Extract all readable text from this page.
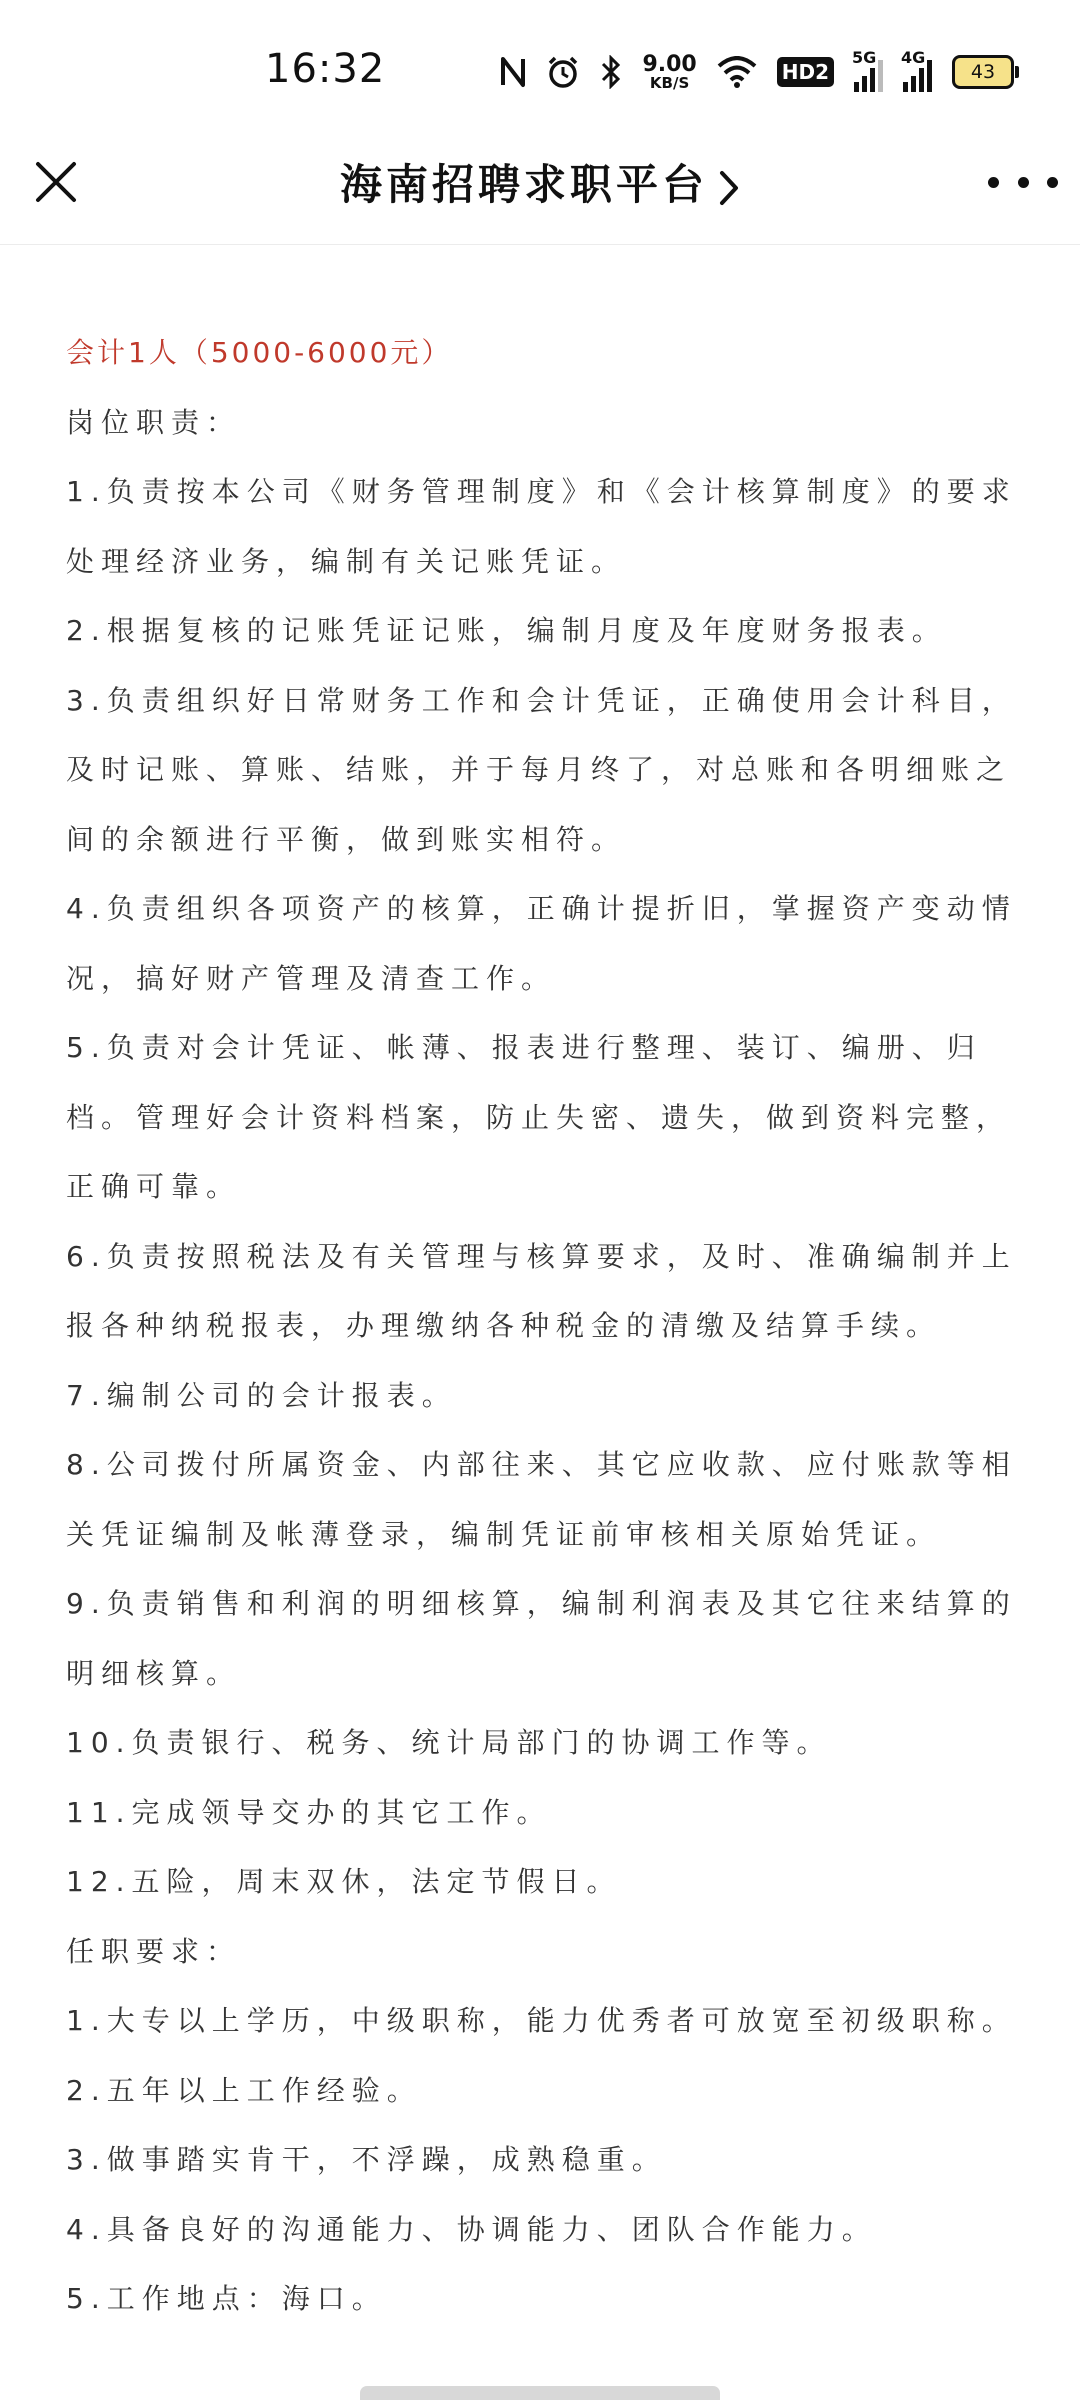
16:32	9.00
KB/S	HD2
5G 4G
43
海南招聘求职平台

会计1人（5000-6000元）

岗位职责：

1.负责按本公司《财务管理制度》和《会计核算制度》的要求

处理经济业务，编制有关记账凭证。

2.根据复核的记账凭证记账，编制月度及年度财务报表。

3.负责组织好日常财务工作和会计凭证，正确使用会计科目，

及时记账、算账、结账，并于每月终了，对总账和各明细账之

间的余额进行平衡，做到账实相符。

4.负责组织各项资产的核算，正确计提折旧，掌握资产变动情

况，搞好财产管理及清查工作。

5.负责对会计凭证、帐薄、报表进行整理、装订、编册、归

档。管理好会计资料档案，防止失密、遗失，做到资料完整，

正确可靠。

6.负责按照税法及有关管理与核算要求，及时、准确编制并上

报各种纳税报表，办理缴纳各种税金的清缴及结算手续。

7.编制公司的会计报表。

8.公司拨付所属资金、内部往来、其它应收款、应付账款等相

关凭证编制及帐薄登录，编制凭证前审核相关原始凭证。

9.负责销售和利润的明细核算，编制利润表及其它往来结算的

明细核算。

10.负责银行、税务、统计局部门的协调工作等。

11.完成领导交办的其它工作。

12.五险，周末双休，法定节假日。

任职要求：

1.大专以上学历，中级职称，能力优秀者可放宽至初级职称。

2.五年以上工作经验。

3.做事踏实肯干，不浮躁，成熟稳重。

4.具备良好的沟通能力、协调能力、团队合作能力。

5.工作地点：海口。
